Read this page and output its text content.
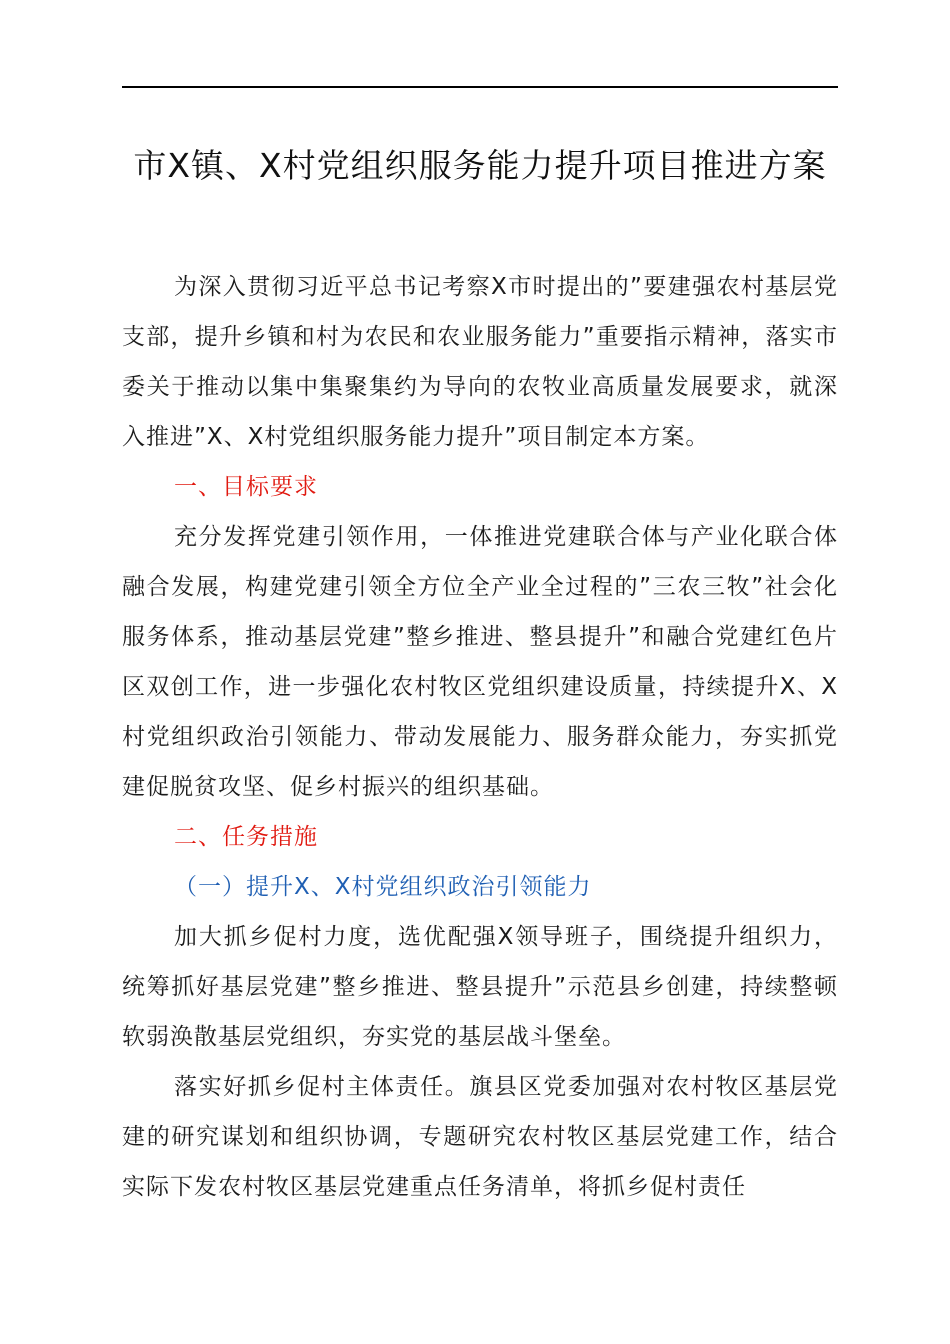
市X镇、X村党组织服务能力提升项目推进方案

为深入贯彻习近平总书记考察X市时提出的”要建强农村基层党支部，提升乡镇和村为农民和农业服务能力”重要指示精神，落实市委关于推动以集中集聚集约为导向的农牧业高质量发展要求，就深入推进”X、X村党组织服务能力提升”项目制定本方案。

一、目标要求

充分发挥党建引领作用，一体推进党建联合体与产业化联合体融合发展，构建党建引领全方位全产业全过程的”三农三牧”社会化服务体系，推动基层党建”整乡推进、整县提升”和融合党建红色片区双创工作，进一步强化农村牧区党组织建设质量，持续提升X、X村党组织政治引领能力、带动发展能力、服务群众能力，夯实抓党建促脱贫攻坚、促乡村振兴的组织基础。

二、任务措施
（一）提升X、X村党组织政治引领能力

加大抓乡促村力度，选优配强X领导班子，围绕提升组织力，统筹抓好基层党建”整乡推进、整县提升”示范县乡创建，持续整顿软弱涣散基层党组织，夯实党的基层战斗堡垒。

落实好抓乡促村主体责任。旗县区党委加强对农村牧区基层党建的研究谋划和组织协调，专题研究农村牧区基层党建工作，结合实际下发农村牧区基层党建重点任务清单，将抓乡促村责任
